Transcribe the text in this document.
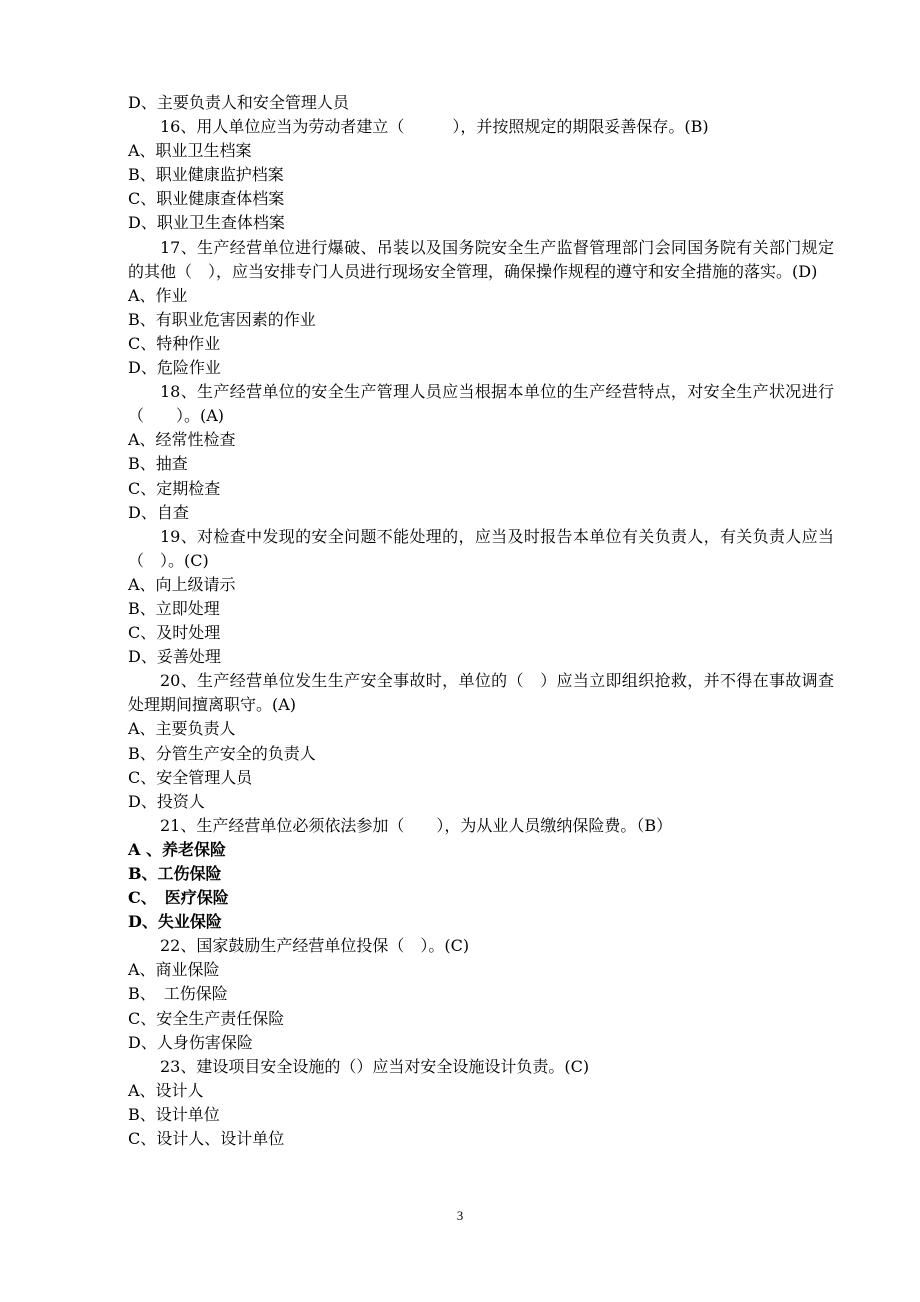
D、主要负责人和安全管理人员
16、用人单位应当为劳动者建立（　　　），并按照规定的期限妥善保存。(B)
A、职业卫生档案
B、职业健康监护档案
C、职业健康查体档案
D、职业卫生查体档案
17、生产经营单位进行爆破、吊装以及国务院安全生产监督管理部门会同国务院有关部门规定的其他（　），应当安排专门人员进行现场安全管理，确保操作规程的遵守和安全措施的落实。(D)
A、作业
B、有职业危害因素的作业
C、特种作业
D、危险作业
18、生产经营单位的安全生产管理人员应当根据本单位的生产经营特点，对安全生产状况进行（　　）。(A)
A、经常性检查
B、抽查
C、定期检查
D、自查
19、对检查中发现的安全问题不能处理的，应当及时报告本单位有关负责人，有关负责人应当（　）。(C)
A、向上级请示
B、立即处理
C、及时处理
D、妥善处理
20、生产经营单位发生生产安全事故时，单位的（　）应当立即组织抢救，并不得在事故调查处理期间擅离职守。(A)
A、主要负责人
B、分管生产安全的负责人
C、安全管理人员
D、投资人
21、生产经营单位必须依法参加（　　），为从业人员缴纳保险费。（B）
A 、养老保险
B、工伤保险
C、　医疗保险
D、失业保险
22、国家鼓励生产经营单位投保（　）。(C)
A、商业保险
B、　工伤保险
C、安全生产责任保险
D、人身伤害保险
23、建设项目安全设施的（）应当对安全设施设计负责。(C)
A、设计人
B、设计单位
C、设计人、设计单位
3
